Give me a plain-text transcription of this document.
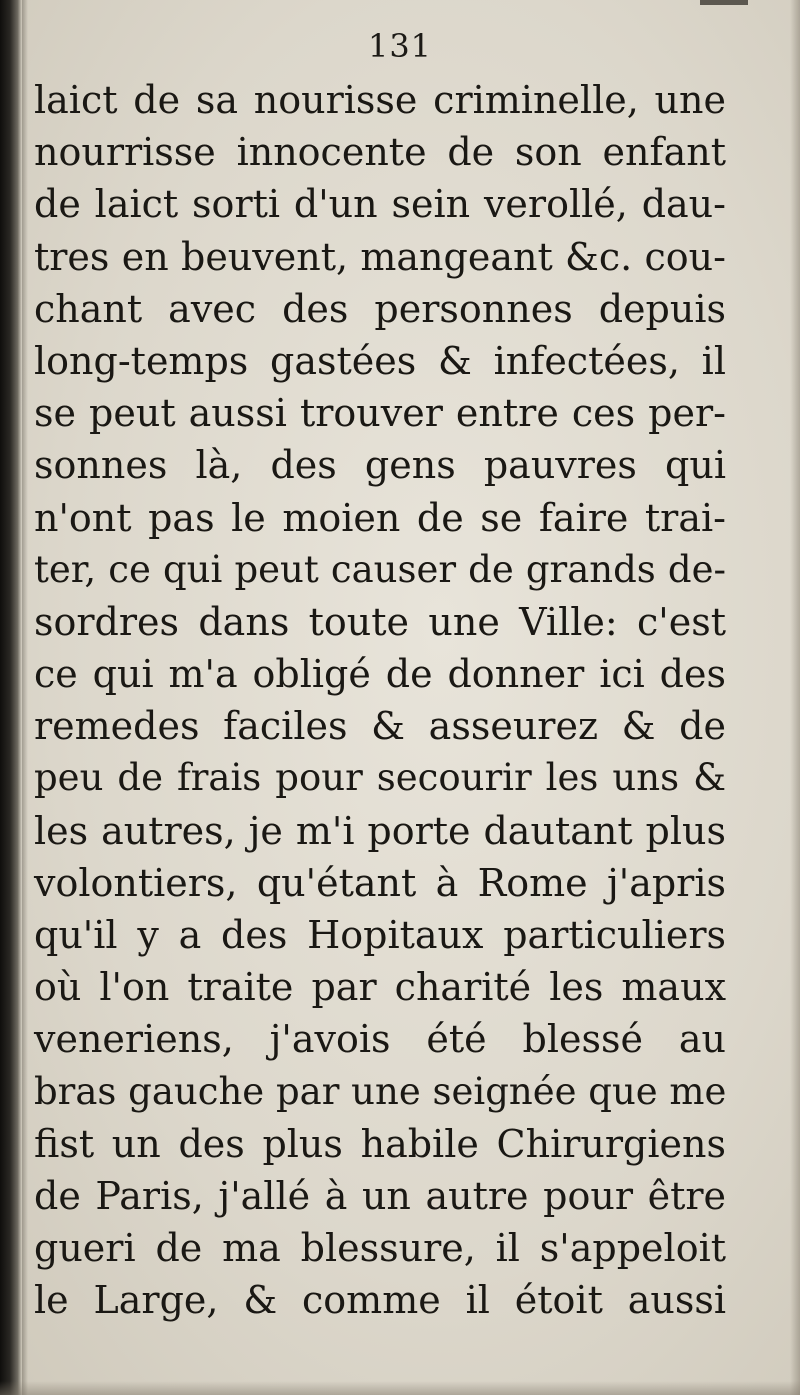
131
laict de sa nourisse criminelle, une
nourrisse innocente de son enfant
de laict sorti d'un sein verollé, dau-
tres en beuvent, mangeant &c. cou-
chant avec des personnes depuis
long-temps gastées & infectées, il
se peut aussi trouver entre ces per-
sonnes là, des gens pauvres qui
n'ont pas le moien de se faire trai-
ter, ce qui peut causer de grands de-
sordres dans toute une Ville: c'est
ce qui m'a obligé de donner ici des
remedes faciles & asseurez & de
peu de frais pour secourir les uns &
les autres, je m'i porte dautant plus
volontiers, qu'étant à Rome j'apris
qu'il y a des Hopitaux particuliers
où l'on traite par charité les maux
veneriens, j'avois été blessé au
bras gauche par une seignée que me
fist un des plus habile Chirurgiens
de Paris, j'allé à un autre pour être
gueri de ma blessure, il s'appeloit
le Large, & comme il étoit aussi
